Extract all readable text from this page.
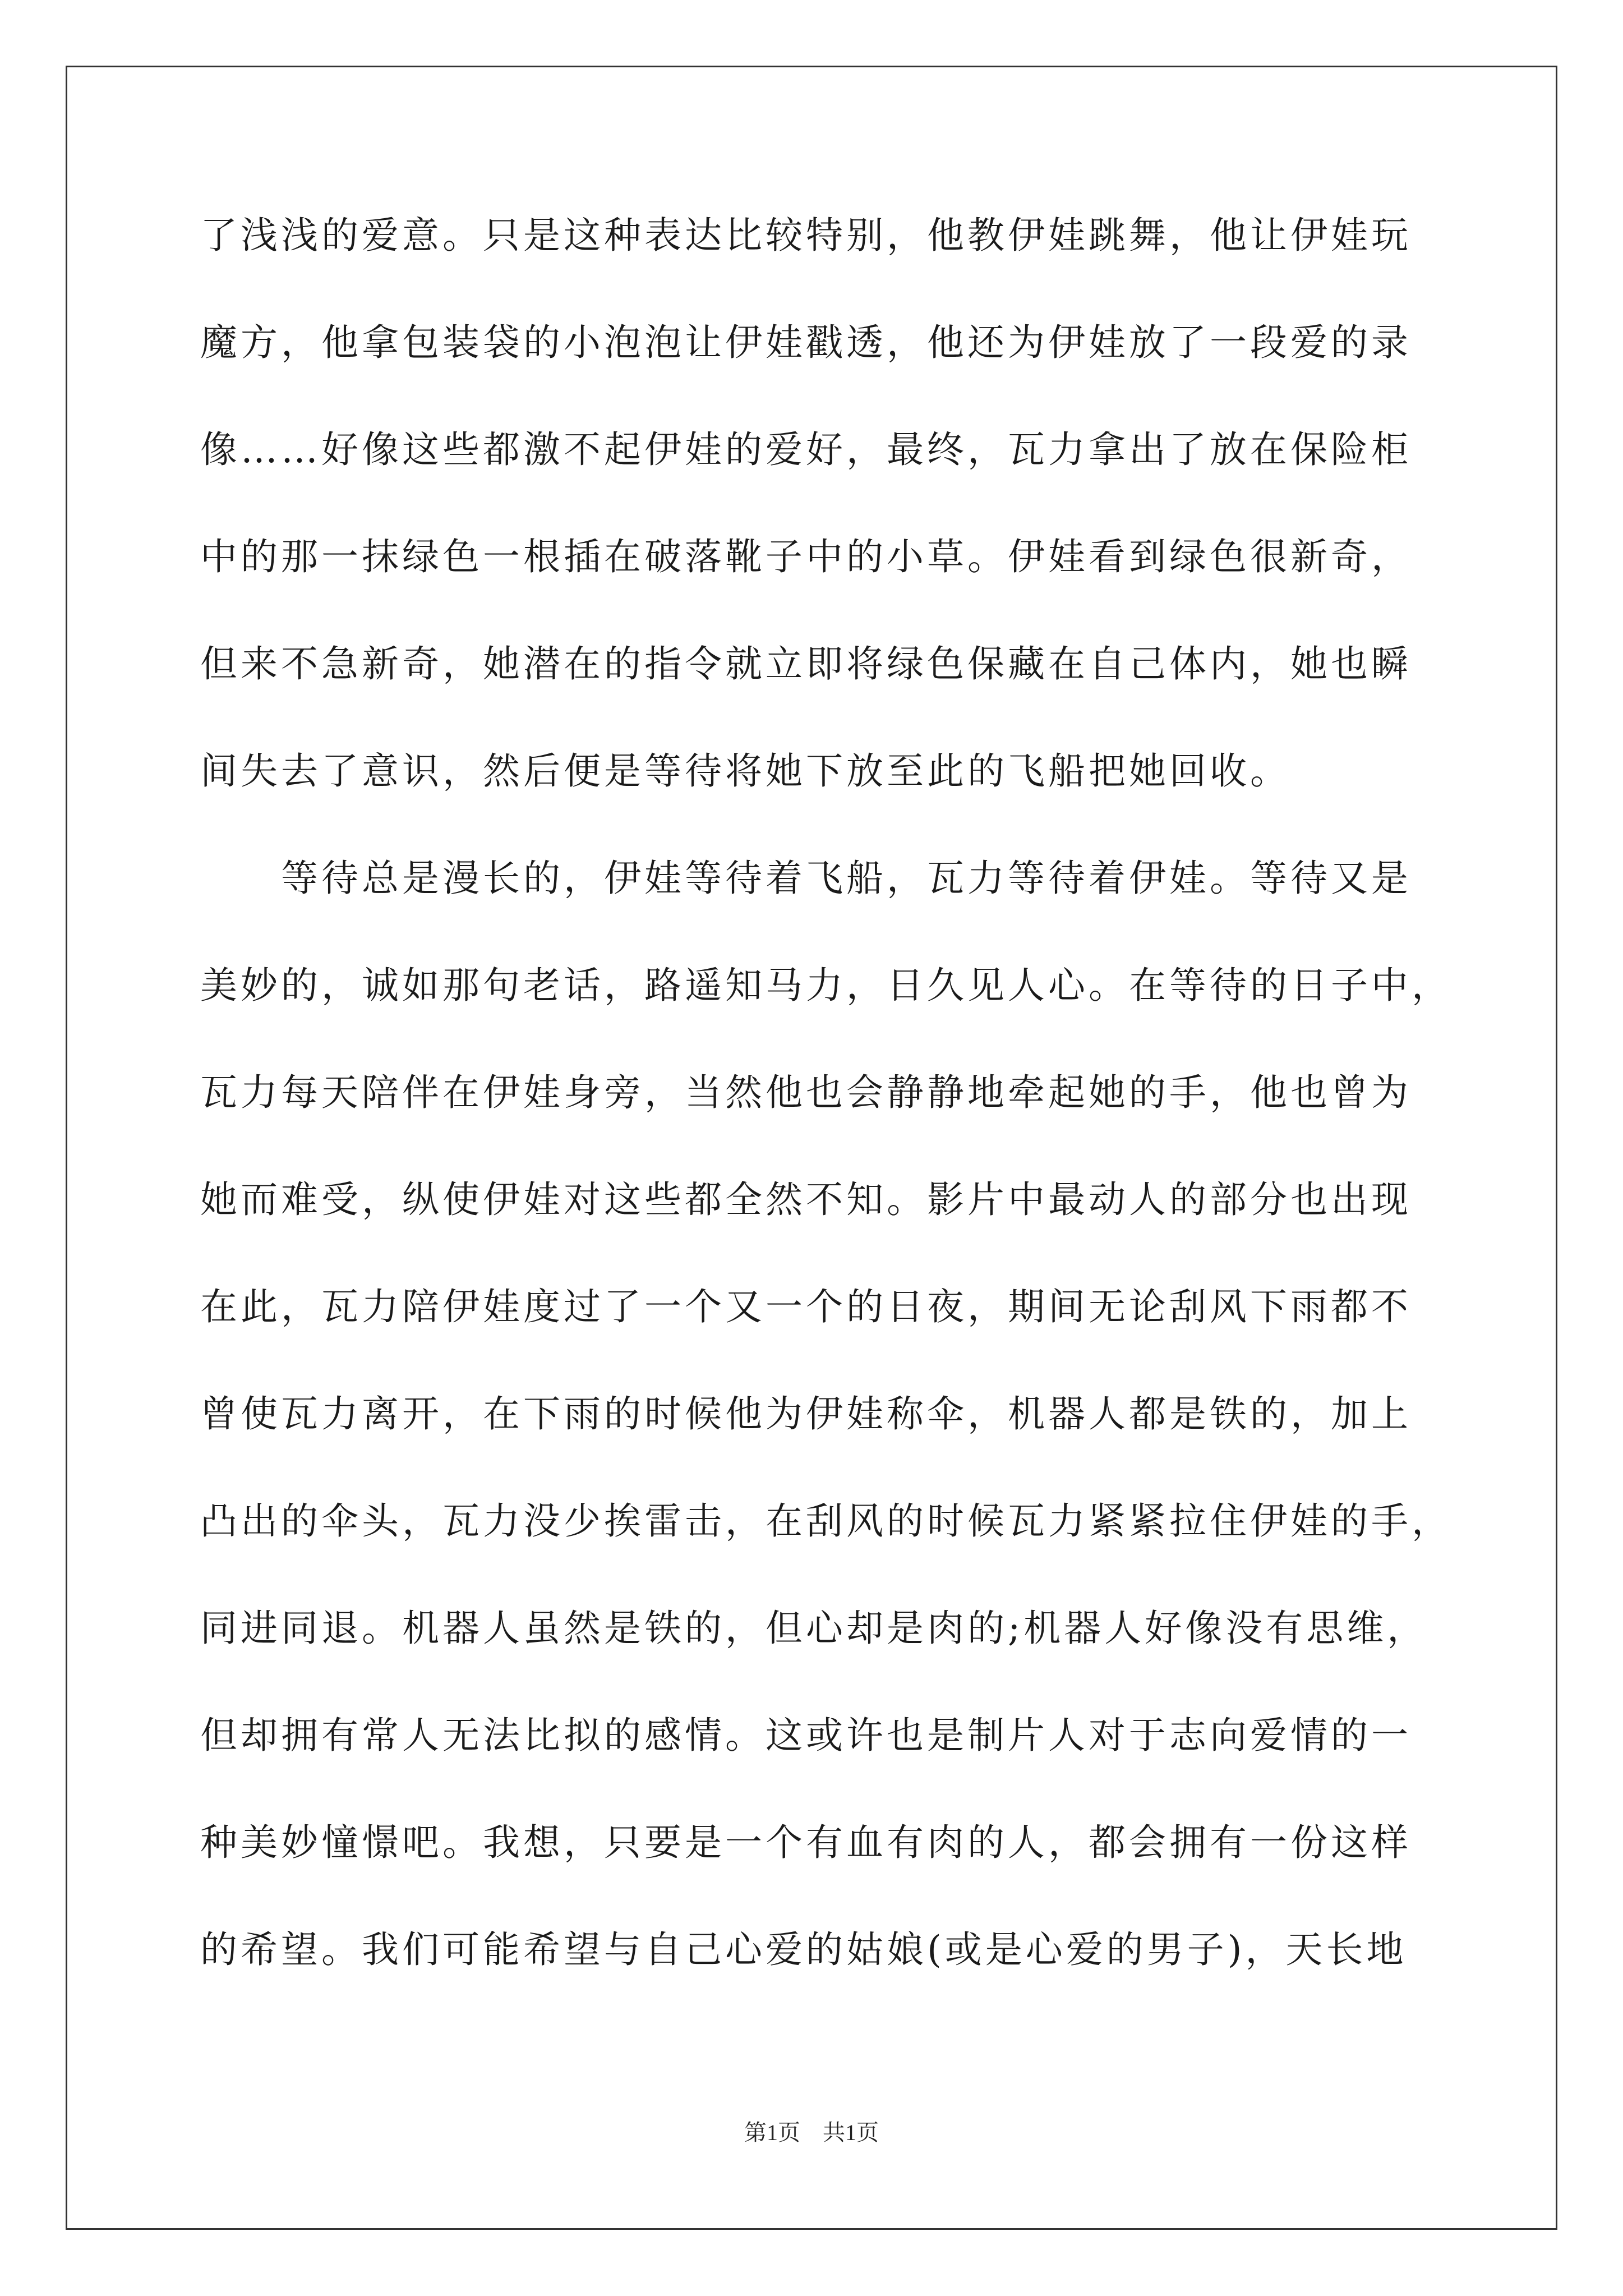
了浅浅的爱意。只是这种表达比较特别，他教伊娃跳舞，他让伊娃玩
魔方，他拿包装袋的小泡泡让伊娃戳透，他还为伊娃放了一段爱的录
像……好像这些都激不起伊娃的爱好，最终，瓦力拿出了放在保险柜
中的那一抹绿色一根插在破落靴子中的小草。伊娃看到绿色很新奇，
但来不急新奇，她潜在的指令就立即将绿色保藏在自己体内，她也瞬
间失去了意识，然后便是等待将她下放至此的飞船把她回收。
　　等待总是漫长的，伊娃等待着飞船，瓦力等待着伊娃。等待又是
美妙的，诚如那句老话，路遥知马力，日久见人心。在等待的日子中，
瓦力每天陪伴在伊娃身旁，当然他也会静静地牵起她的手，他也曾为
她而难受，纵使伊娃对这些都全然不知。影片中最动人的部分也出现
在此，瓦力陪伊娃度过了一个又一个的日夜，期间无论刮风下雨都不
曾使瓦力离开，在下雨的时候他为伊娃称伞，机器人都是铁的，加上
凸出的伞头，瓦力没少挨雷击，在刮风的时候瓦力紧紧拉住伊娃的手，
同进同退。机器人虽然是铁的，但心却是肉的;机器人好像没有思维，
但却拥有常人无法比拟的感情。这或许也是制片人对于志向爱情的一
种美妙憧憬吧。我想，只要是一个有血有肉的人，都会拥有一份这样
的希望。我们可能希望与自己心爱的姑娘(或是心爱的男子)，天长地
第1页　共1页
